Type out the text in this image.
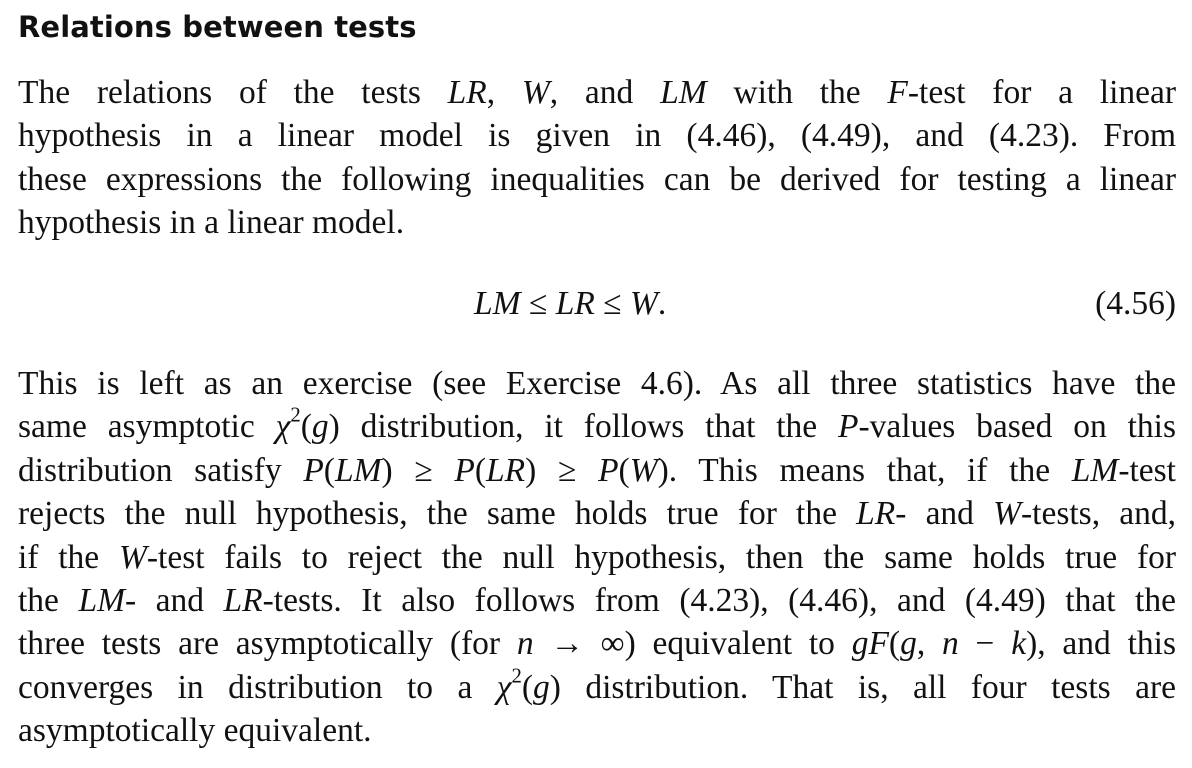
Relations between tests

The relations of the tests LR, W, and LM with the F-test for a linear
hypothesis in a linear model is given in (4.46), (4.49), and (4.23). From
these expressions the following inequalities can be derived for testing a linear
hypothesis in a linear model.

LM ≤ LR ≤ W.	(4.56)

This is left as an exercise (see Exercise 4.6). As all three statistics have the
same asymptotic $\chi^2(g)$ distribution, it follows that the P-values based on this
distribution satisfy P(LM) ≥ P(LR) ≥ P(W). This means that, if the LM-test
rejects the null hypothesis, the same holds true for the LR- and W-tests, and,
if the W-test fails to reject the null hypothesis, then the same holds true for
the LM- and LR-tests. It also follows from (4.23), (4.46), and (4.49) that the
three tests are asymptotically (for n → ∞) equivalent to gF(g, n − k), and this
converges in distribution to a $\chi^2(g)$ distribution. That is, all four tests are
asymptotically equivalent.
